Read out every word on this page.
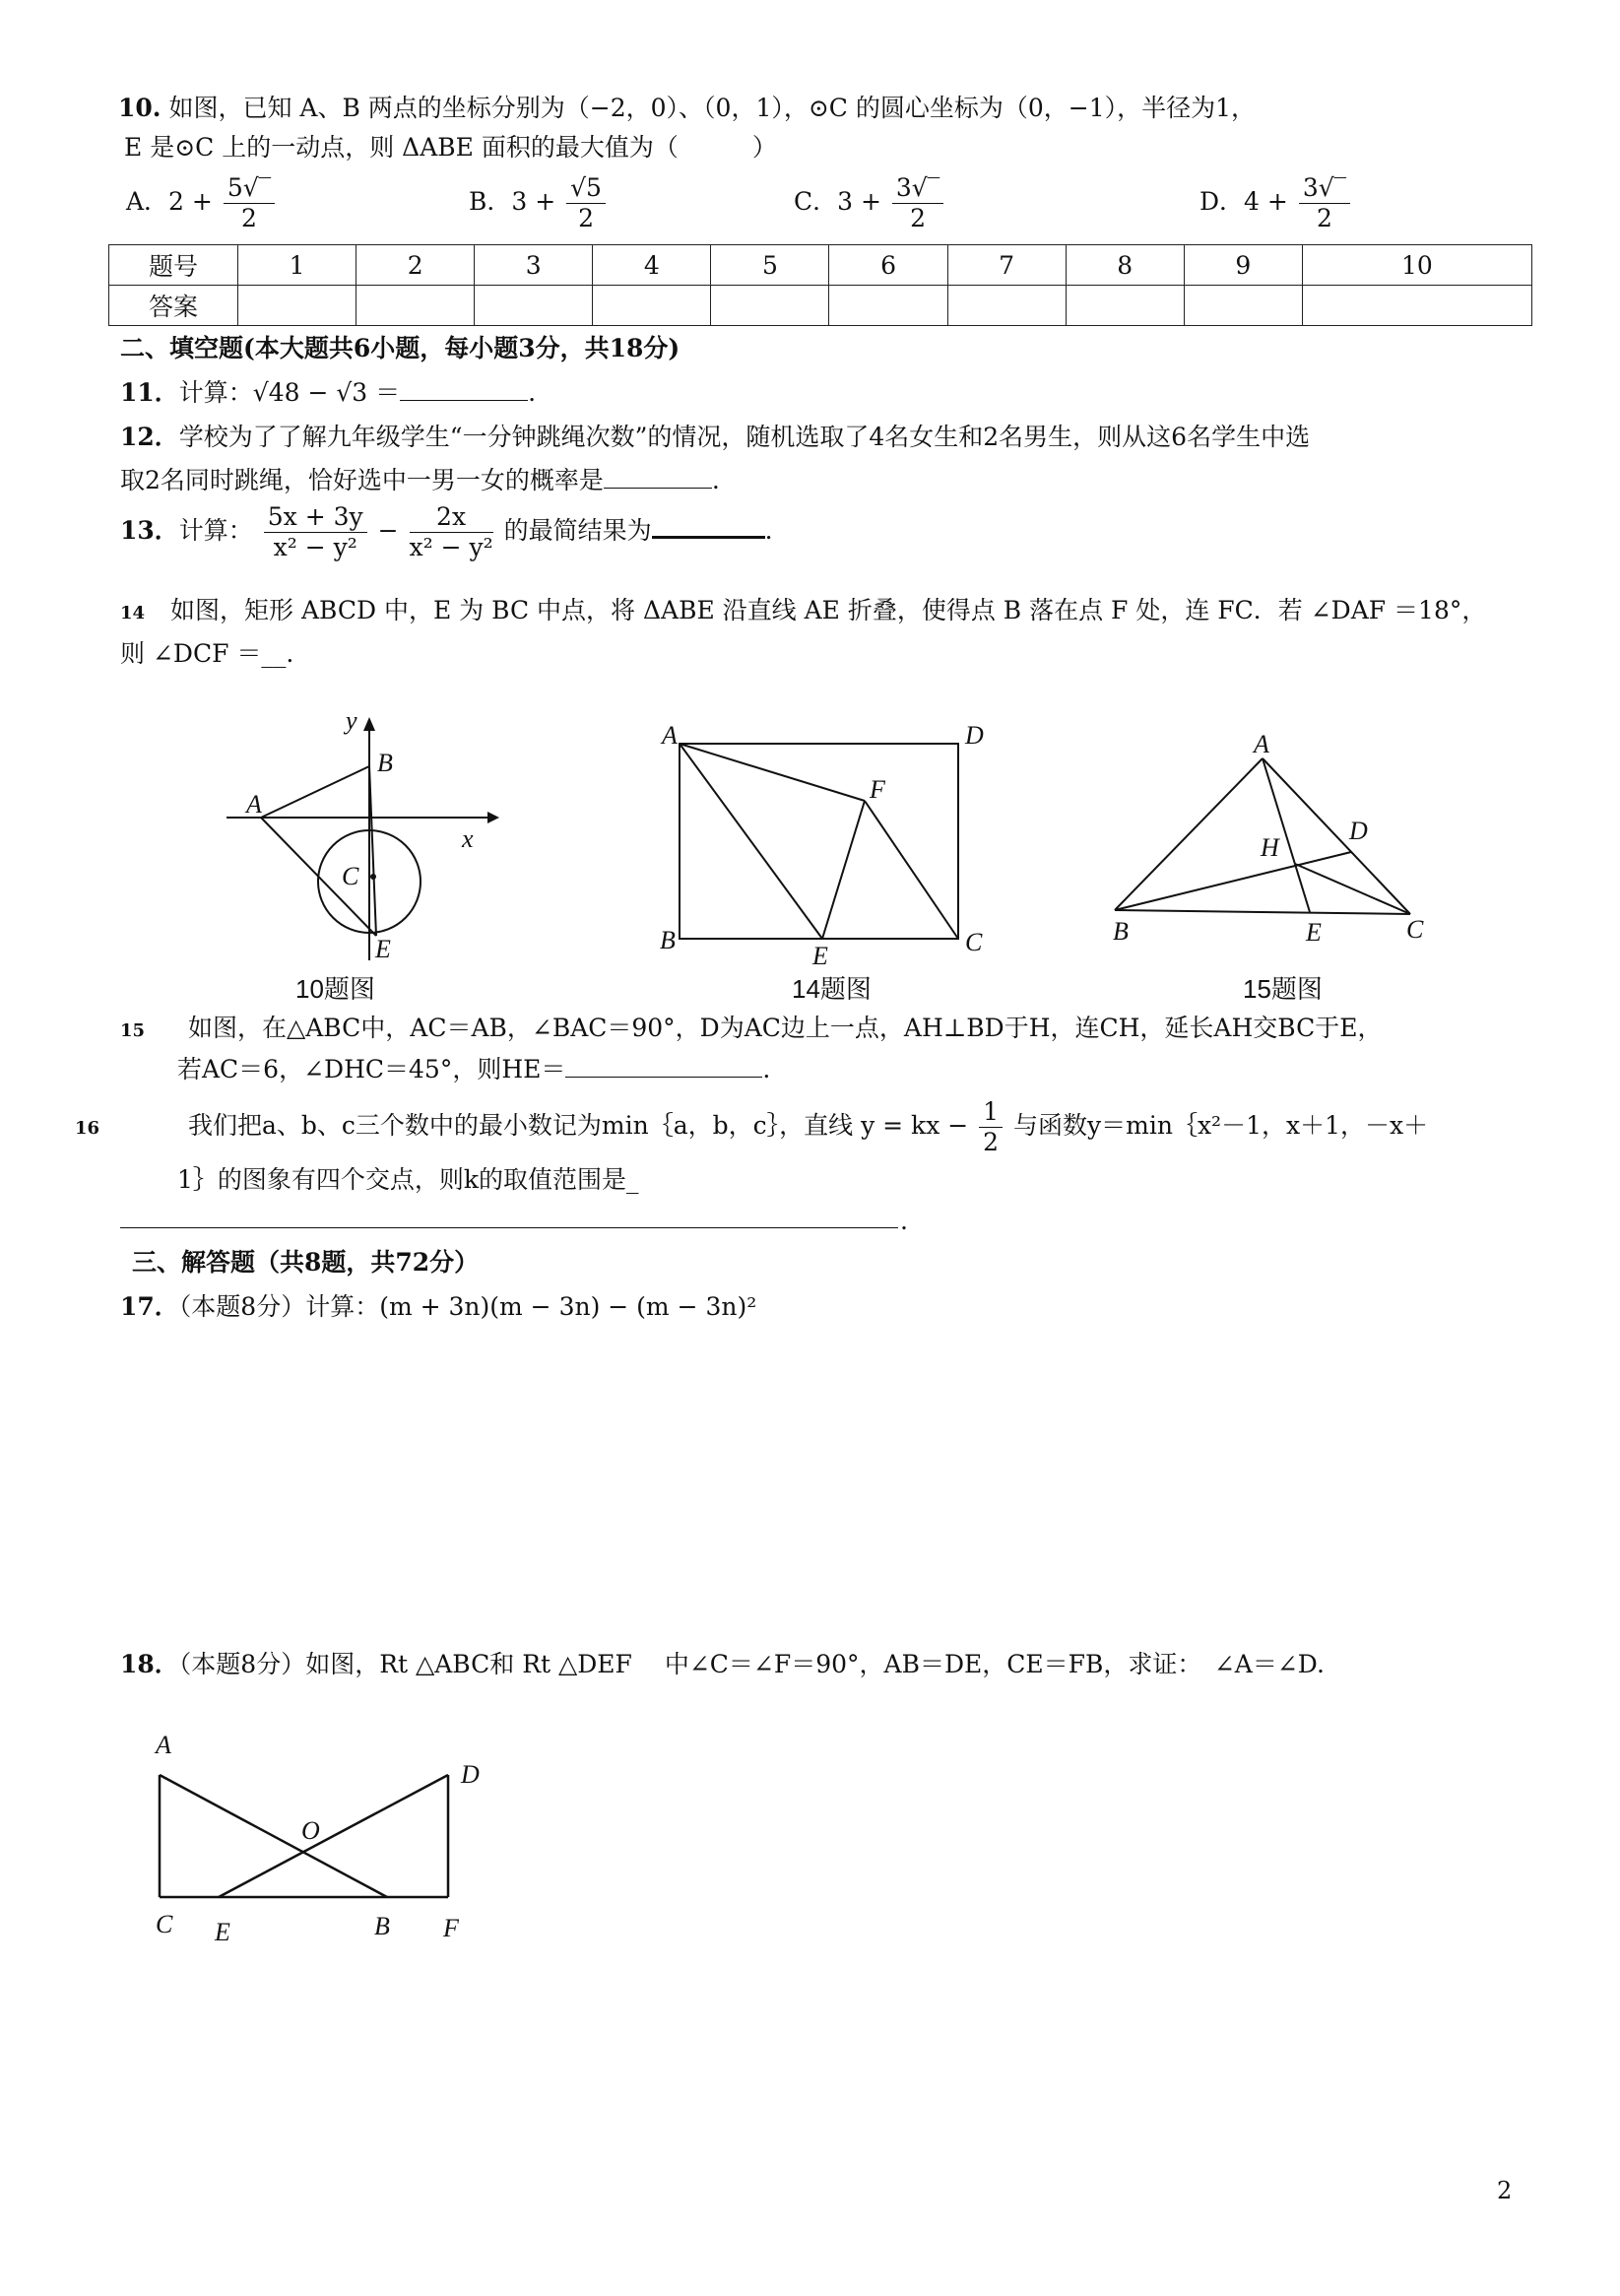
10. 如图，已知 A、B 两点的坐标分别为（−2，0）、（0，1），⊙C 的圆心坐标为（0，−1），半径为1，
E 是⊙C 上的一动点，则 ΔABE 面积的最大值为（　　　）
A．$2 + \frac{5√‾}{2}$	B．$3 + \frac{√5}{2}$	C．$3 + \frac{3√‾}{2}$	D．$4 + \frac{3√‾}{2}$
题号	1	2	3	4	5	6	7	8	9	10
答案										
二、填空题(本大题共6小题，每小题3分，共18分)
11．计算：√48 − √3 ＝	.
12．学校为了了解九年级学生“一分钟跳绳次数”的情况，随机选取了4名女生和2名男生，则从这6名学生中选
取2名同时跳绳，恰好选中一男一女的概率是	.
13．计算： $\frac{5x + 3y}{\text{x² − y²}} - \frac{2x}{\text{x² − y²}}$ 的最简结果为	.
14 如图，矩形 ABCD 中，E 为 BC 中点，将 ΔABE 沿直线 AE 折叠，使得点 B 落在点 F 处，连 FC．若 ∠DAF ＝18°，
则 ∠DCF ＝__.
y
B
A
x
C
E
10题图
A	D
F
B
E	C
14题图
A
D
H
B	E	C
15题图
15 如图，在△ABC中，AC＝AB，∠BAC＝90°，D为AC边上一点，AH⊥BD于H，连CH，延长AH交BC于E，
若AC＝6，∠DHC＝45°，则HE＝	.
16	我们把a、b、c三个数中的最小数记为min｛a，b，c｝，直线 y = kx − $\frac{1}{2}$ 与函数y＝min｛x²－1，x＋1，－x＋
1｝的图象有四个交点，则k的取值范围是_
.
三、解答题（共8题，共72分）
17．（本题8分）计算：(m + 3n)(m − 3n) − (m − 3n)²
18．（本题8分）如图，Rt △ABC和 Rt △DEF　 中∠C＝∠F＝90°，AB＝DE，CE＝FB，求证：　∠A＝∠D.
A
D
O
C E	B F
2
